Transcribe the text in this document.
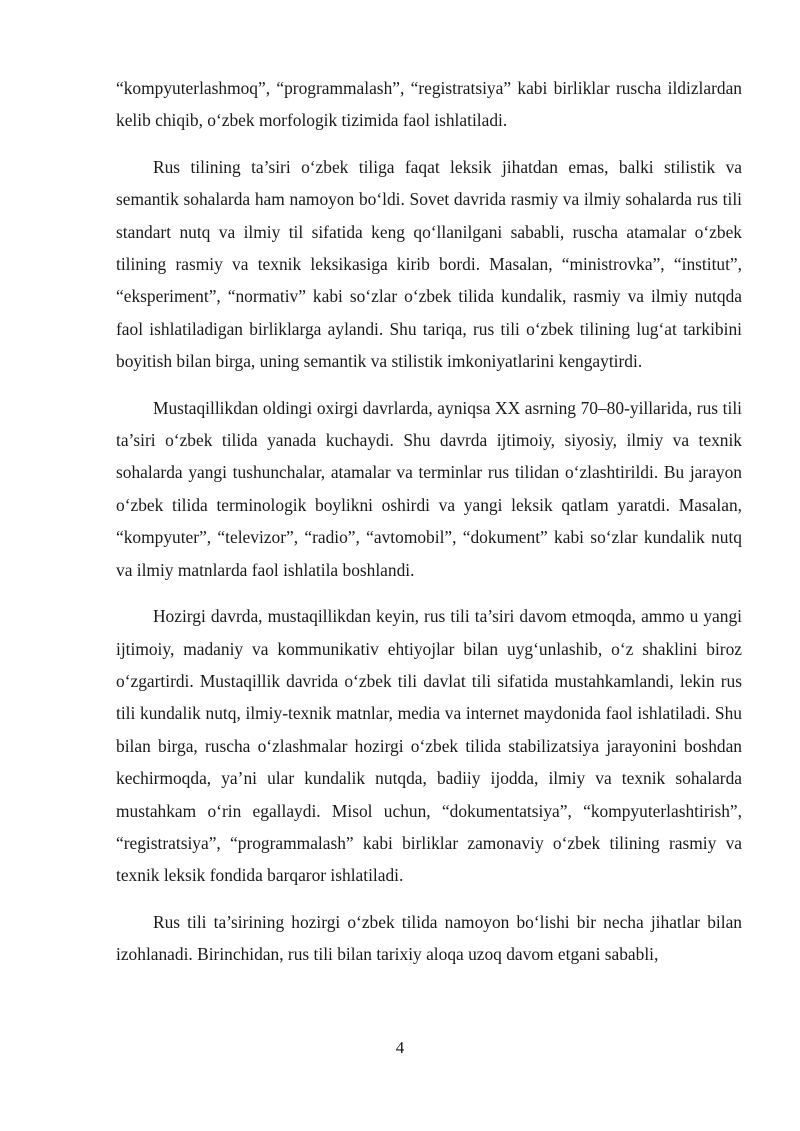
“kompyuterlashmoq”, “programmalash”, “registratsiya” kabi birliklar ruscha ildizlardan kelib chiqib, o‘zbek morfologik tizimida faol ishlatiladi.

Rus tilining ta’siri o‘zbek tiliga faqat leksik jihatdan emas, balki stilistik va semantik sohalarda ham namoyon bo‘ldi. Sovet davrida rasmiy va ilmiy sohalarda rus tili standart nutq va ilmiy til sifatida keng qo‘llanilgani sababli, ruscha atamalar o‘zbek tilining rasmiy va texnik leksikasiga kirib bordi. Masalan, “ministrovka”, “institut”, “eksperiment”, “normativ” kabi so‘zlar o‘zbek tilida kundalik, rasmiy va ilmiy nutqda faol ishlatiladigan birliklarga aylandi. Shu tariqa, rus tili o‘zbek tilining lug‘at tarkibini boyitish bilan birga, uning semantik va stilistik imkoniyatlarini kengaytirdi.

Mustaqillikdan oldingi oxirgi davrlarda, ayniqsa XX asrning 70–80-yillarida, rus tili ta’siri o‘zbek tilida yanada kuchaydi. Shu davrda ijtimoiy, siyosiy, ilmiy va texnik sohalarda yangi tushunchalar, atamalar va terminlar rus tilidan o‘zlashtirildi. Bu jarayon o‘zbek tilida terminologik boylikni oshirdi va yangi leksik qatlam yaratdi. Masalan, “kompyuter”, “televizor”, “radio”, “avtomobil”, “dokument” kabi so‘zlar kundalik nutq va ilmiy matnlarda faol ishlatila boshlandi.

Hozirgi davrda, mustaqillikdan keyin, rus tili ta’siri davom etmoqda, ammo u yangi ijtimoiy, madaniy va kommunikativ ehtiyojlar bilan uyg‘unlashib, o‘z shaklini biroz o‘zgartirdi. Mustaqillik davrida o‘zbek tili davlat tili sifatida mustahkamlandi, lekin rus tili kundalik nutq, ilmiy-texnik matnlar, media va internet maydonida faol ishlatiladi. Shu bilan birga, ruscha o‘zlashmalar hozirgi o‘zbek tilida stabilizatsiya jarayonini boshdan kechirmoqda, ya’ni ular kundalik nutqda, badiiy ijodda, ilmiy va texnik sohalarda mustahkam o‘rin egallaydi. Misol uchun, “dokumentatsiya”, “kompyuterlashtirish”, “registratsiya”, “programmalash” kabi birliklar zamonaviy o‘zbek tilining rasmiy va texnik leksik fondida barqaror ishlatiladi.

Rus tili ta’sirining hozirgi o‘zbek tilida namoyon bo‘lishi bir necha jihatlar bilan izohlanadi. Birinchidan, rus tili bilan tarixiy aloqa uzoq davom etgani sababli,

4
